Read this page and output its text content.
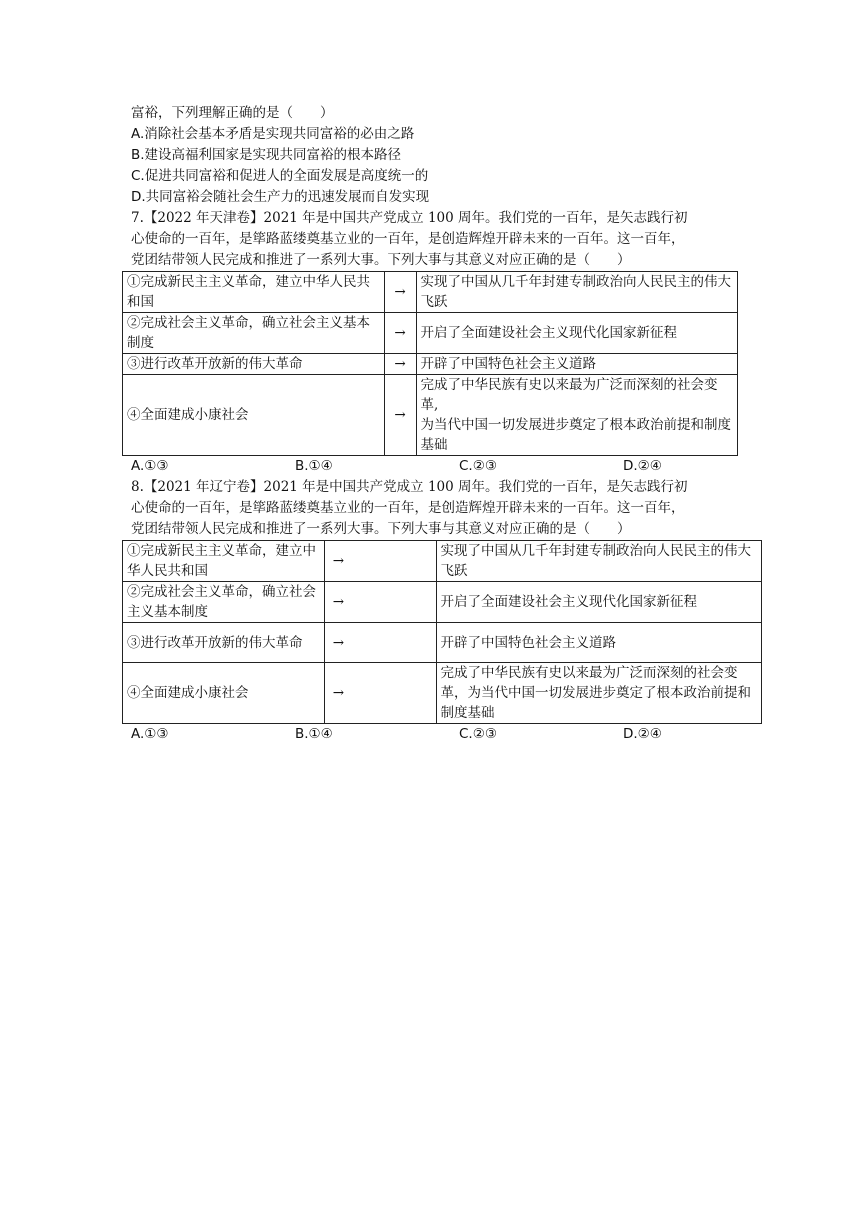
富裕，下列理解正确的是（　　）
A.消除社会基本矛盾是实现共同富裕的必由之路
B.建设高福利国家是实现共同富裕的根本路径
C.促进共同富裕和促进人的全面发展是高度统一的
D.共同富裕会随社会生产力的迅速发展而自发实现
7.【2022 年天津卷】2021 年是中国共产党成立 100 周年。我们党的一百年，是矢志践行初
心使命的一百年，是筚路蓝缕奠基立业的一百年，是创造辉煌开辟未来的一百年。这一百年，
党团结带领人民完成和推进了一系列大事。下列大事与其意义对应正确的是（　　）
①完成新民主主义革命，建立中华人民共和国	→	实现了中国从几千年封建专制政治向人民民主的伟大飞跃
②完成社会主义革命，确立社会主义基本制度	→	开启了全面建设社会主义现代化国家新征程
③进行改革开放新的伟大革命	→	开辟了中国特色社会主义道路
④全面建成小康社会	→	完成了中华民族有史以来最为广泛而深刻的社会变革,
为当代中国一切发展进步奠定了根本政治前提和制度基础
A.①③	B.①④	C.②③	D.②④
8.【2021 年辽宁卷】2021 年是中国共产党成立 100 周年。我们党的一百年，是矢志践行初
心使命的一百年，是筚路蓝缕奠基立业的一百年，是创造辉煌开辟未来的一百年。这一百年，
党团结带领人民完成和推进了一系列大事。下列大事与其意义对应正确的是（　　）
①完成新民主主义革命，建立中华人民共和国	→	实现了中国从几千年封建专制政治向人民民主的伟大飞跃
②完成社会主义革命，确立社会主义基本制度	→	开启了全面建设社会主义现代化国家新征程
③进行改革开放新的伟大革命	→	开辟了中国特色社会主义道路
④全面建成小康社会	→	完成了中华民族有史以来最为广泛而深刻的社会变革，为当代中国一切发展进步奠定了根本政治前提和制度基础
A.①③	B.①④	C.②③	D.②④
